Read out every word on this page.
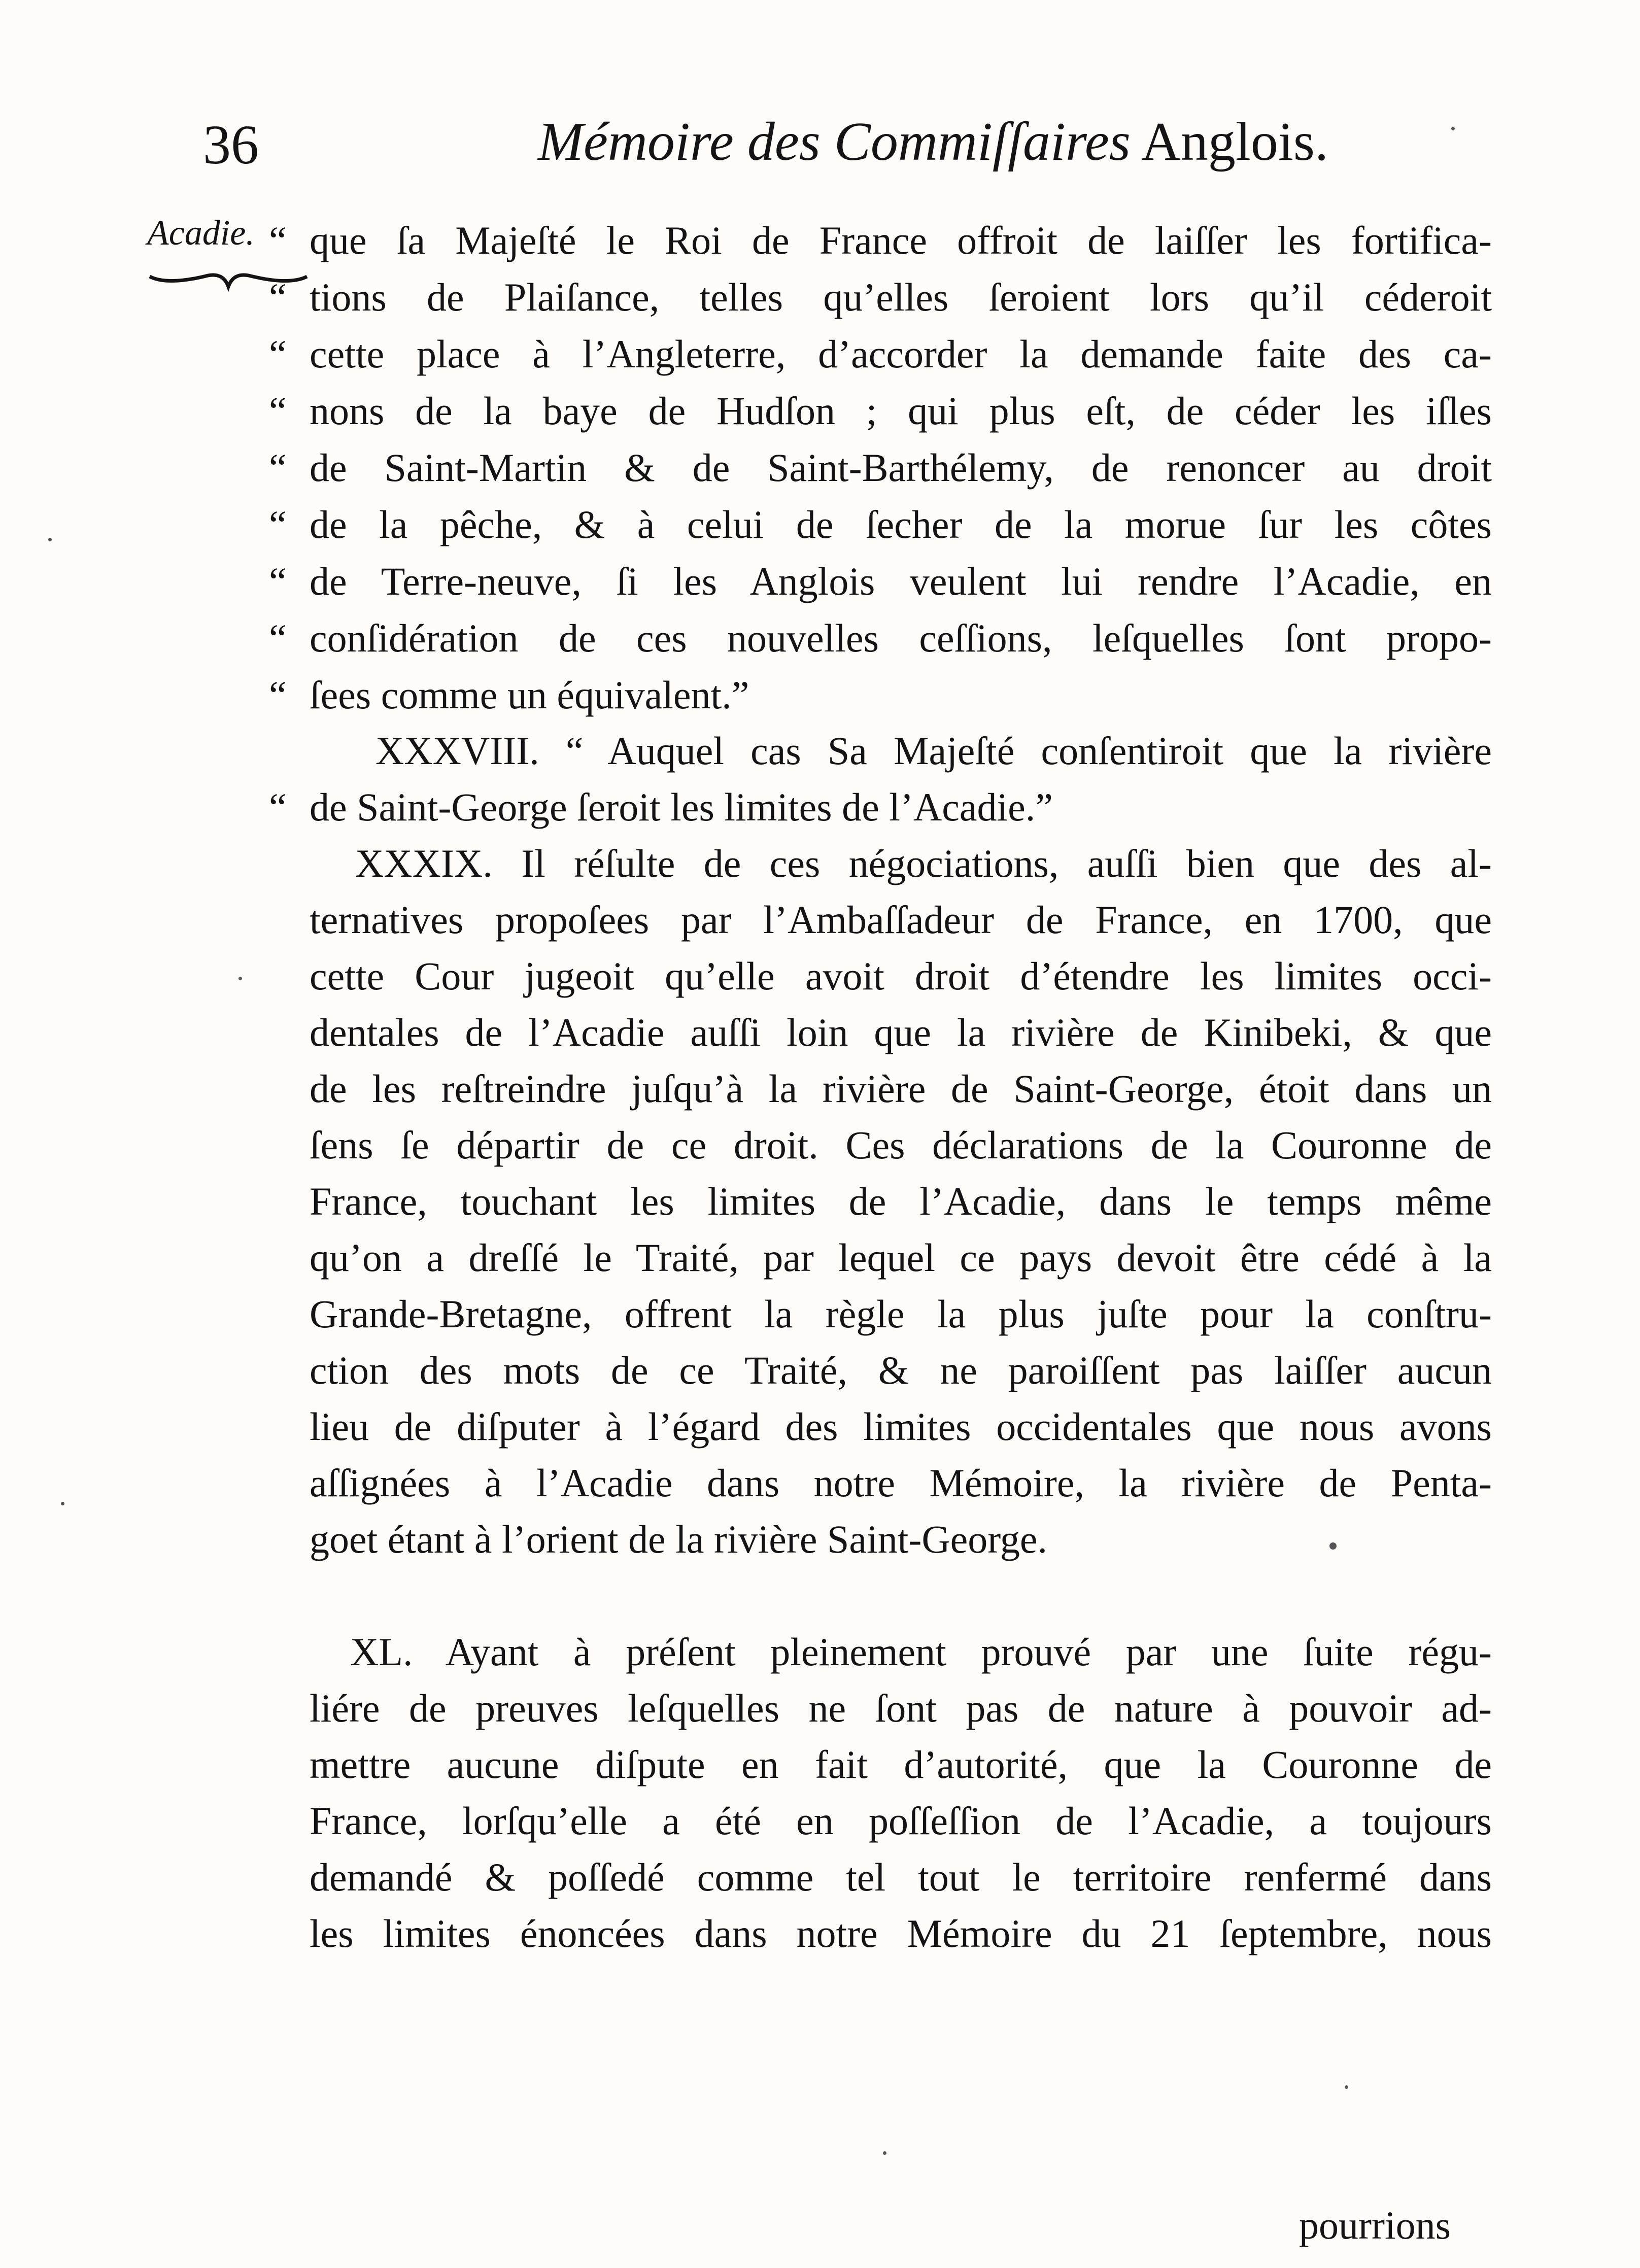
36	Mémoire des Commiſſaires Anglois.
Acadie. “
“
“
“
“
“
“
“
“
“
que ſa Majeſté le Roi de France offroit de laiſſer les fortifica-
tions de Plaiſance, telles qu’elles ſeroient lors qu’il céderoit
cette place à l’Angleterre, d’accorder la demande faite des ca-
nons de la baye de Hudſon ; qui plus eſt, de céder les iſles
de Saint-Martin & de Saint-Barthélemy, de renoncer au droit
de la pêche, & à celui de ſecher de la morue ſur les côtes
de Terre-neuve, ſi les Anglois veulent lui rendre l’Acadie, en
conſidération de ces nouvelles ceſſions, leſquelles ſont propo-
ſees comme un équivalent.”
XXXVIII. “ Auquel cas Sa Majeſté conſentiroit que la rivière
de Saint-George ſeroit les limites de l’Acadie.”
XXXIX. Il réſulte de ces négociations, auſſi bien que des al-
ternatives propoſees par l’Ambaſſadeur de France, en 1700, que
cette Cour jugeoit qu’elle avoit droit d’étendre les limites occi-
dentales de l’Acadie auſſi loin que la rivière de Kinibeki, & que
de les reſtreindre juſqu’à la rivière de Saint-George, étoit dans un
ſens ſe départir de ce droit. Ces déclarations de la Couronne de
France, touchant les limites de l’Acadie, dans le temps même
qu’on a dreſſé le Traité, par lequel ce pays devoit être cédé à la
Grande-Bretagne, offrent la règle la plus juſte pour la conſtru-
ction des mots de ce Traité, & ne paroiſſent pas laiſſer aucun
lieu de diſputer à l’égard des limites occidentales que nous avons
aſſignées à l’Acadie dans notre Mémoire, la rivière de Penta-
goet étant à l’orient de la rivière Saint-George.
XL. Ayant à préſent pleinement prouvé par une ſuite régu-
liére de preuves leſquelles ne ſont pas de nature à pouvoir ad-
mettre aucune diſpute en fait d’autorité, que la Couronne de
France, lorſqu’elle a été en poſſeſſion de l’Acadie, a toujours
demandé & poſſedé comme tel tout le territoire renfermé dans
les limites énoncées dans notre Mémoire du 21 ſeptembre, nous
pourrions
